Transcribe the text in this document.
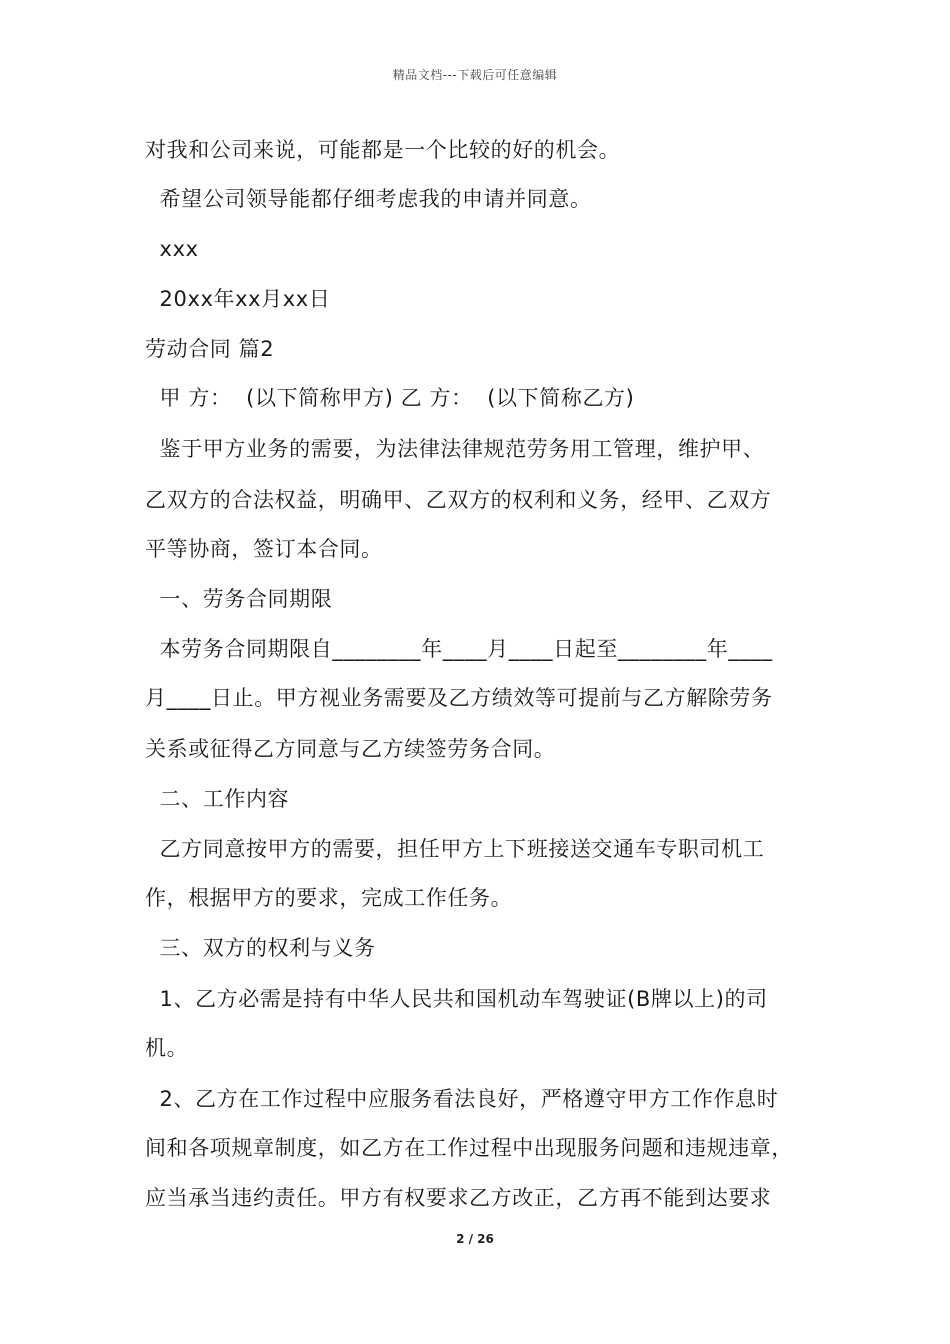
精品文档---下载后可任意编辑
对我和公司来说，可能都是一个比较的好的机会。
希望公司领导能都仔细考虑我的申请并同意。
xxx
20xx年xx月xx日
劳动合同 篇2
甲 方：  (以下简称甲方) 乙 方：  (以下简称乙方)
鉴于甲方业务的需要，为法律法律规范劳务用工管理，维护甲、
乙双方的合法权益，明确甲、乙双方的权利和义务，经甲、乙双方
平等协商，签订本合同。
一、劳务合同期限
本劳务合同期限自________年____月____日起至________年____
月____日止。甲方视业务需要及乙方绩效等可提前与乙方解除劳务
关系或征得乙方同意与乙方续签劳务合同。
二、工作内容
乙方同意按甲方的需要，担任甲方上下班接送交通车专职司机工
作，根据甲方的要求，完成工作任务。
三、双方的权利与义务
1、乙方必需是持有中华人民共和国机动车驾驶证(B牌以上)的司
机。
2、乙方在工作过程中应服务看法良好，严格遵守甲方工作作息时
间和各项规章制度，如乙方在工作过程中出现服务问题和违规违章，
应当承当违约责任。甲方有权要求乙方改正，乙方再不能到达要求
2 / 26
